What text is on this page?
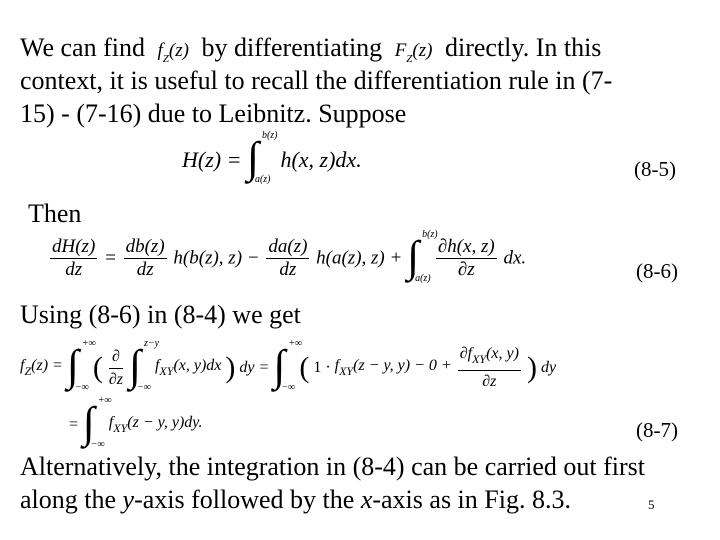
We can find $f_Z(z)$ by differentiating $F_Z(z)$ directly. In this
context, it is useful to recall the differentiation rule in (7-
15) - (7-16) due to Leibnitz. Suppose
H(z) = ∫ b(z)
a(z)
h(x, z)dx.	(8-5)
Then
$\frac{dH(z)}{dz} = \frac{db(z)}{dz} h(b(z)$, $z) - \frac{da(z)}{dz} h(a(z)$, z) + ∫ b(z)
a(z)
$\frac{\partial h(x, z)}{\partial z}$ dx.
(8-6)
Using (8-6) in (8-4) we get
$f_Z(z)$ = ∫ +∞
−∞
( $\frac{\partial}{\partial z}$
∫ z−y
−∞
$f_{XY}(x$, y)dx ) dy = ∫ +∞
−∞
( $1 \cdot f_{XY}(z - y$, $y) - 0 + \frac{\partial f_{XY}(x, y)}{\partial z}$ ) dy
= ∫ +∞
−∞
$f_{XY}(z - y$, y)dy.	(8-7)
Alternatively, the integration in (8-4) can be carried out first
along the y-axis followed by the x-axis as in Fig. 8.3.	5
